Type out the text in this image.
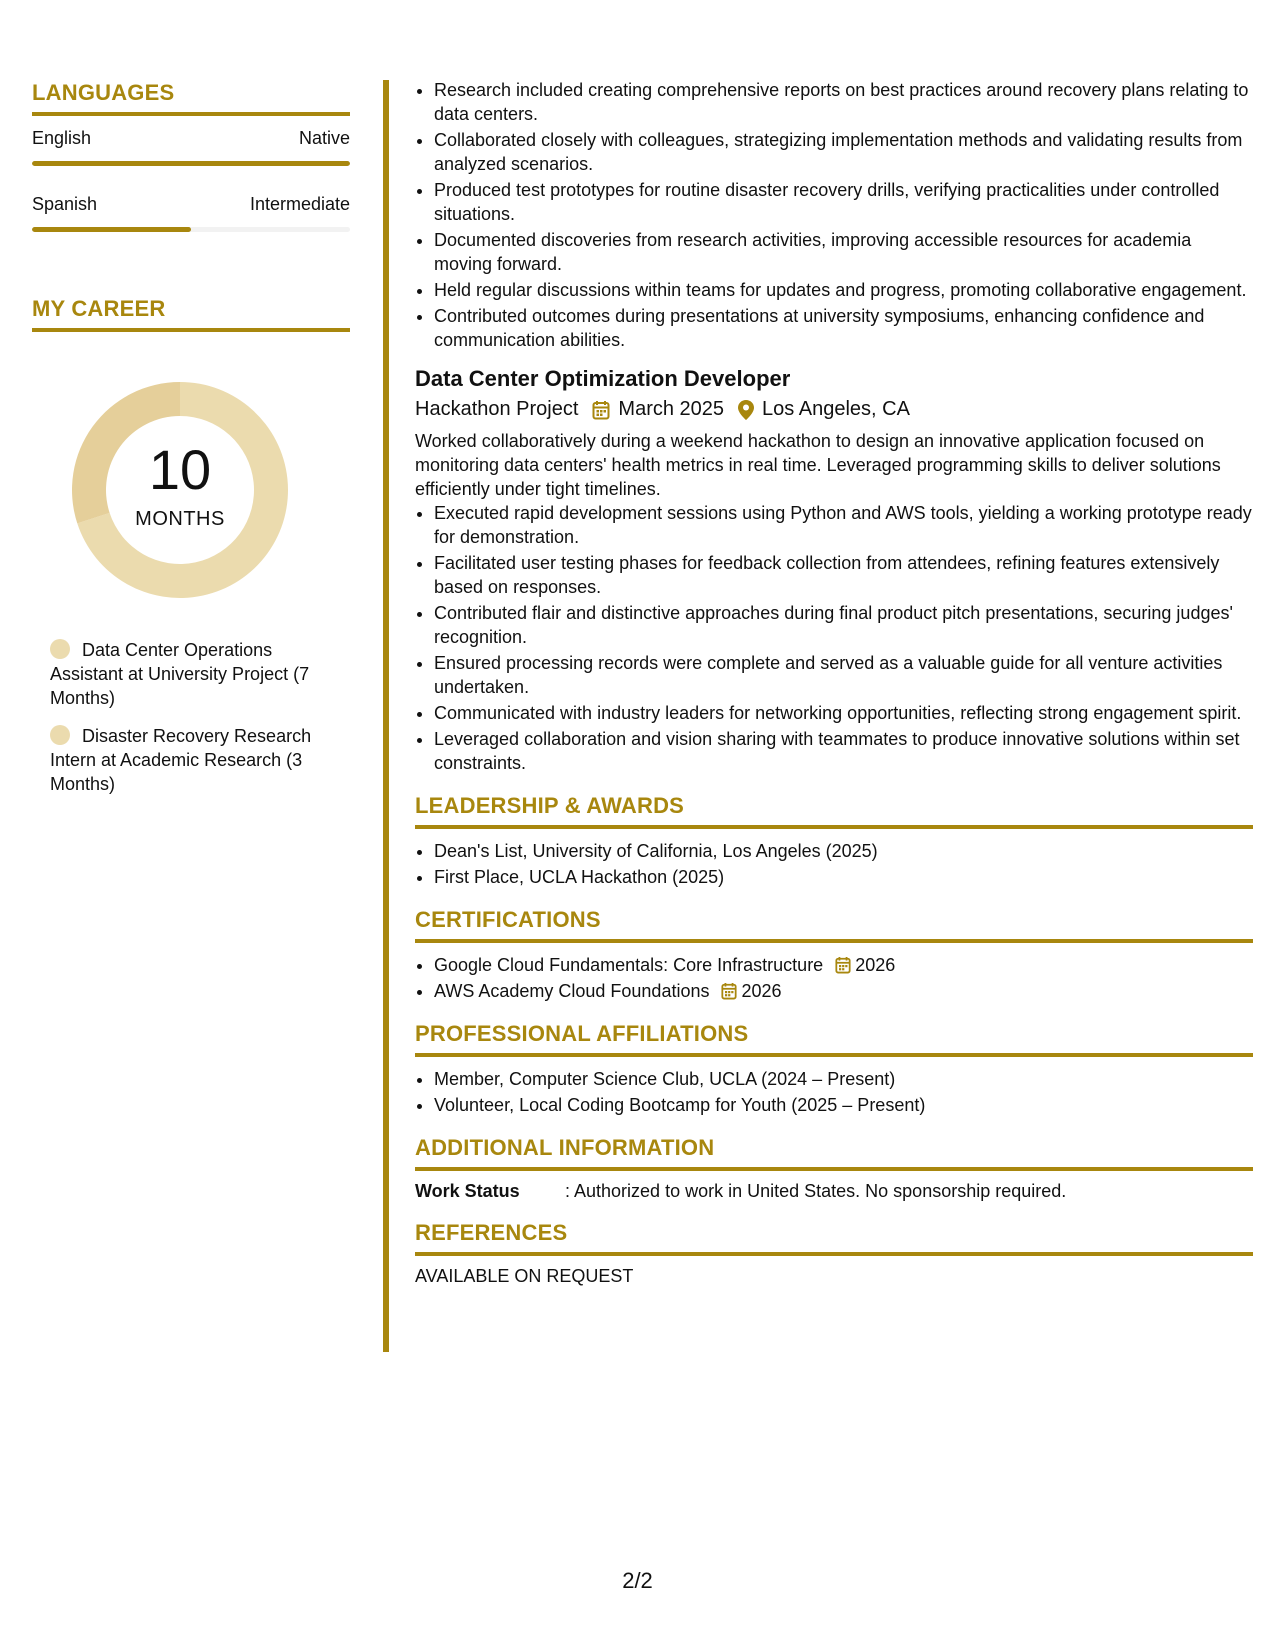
LANGUAGES
English	Native
Spanish	Intermediate
MY CAREER
10
MONTHS
Data Center Operations Assistant at University Project (7 Months)
Disaster Recovery Research Intern at Academic Research (3 Months)
• Research included creating comprehensive reports on best practices around recovery plans relating to data centers.
• Collaborated closely with colleagues, strategizing implementation methods and validating results from analyzed scenarios.
• Produced test prototypes for routine disaster recovery drills, verifying practicalities under controlled situations.
• Documented discoveries from research activities, improving accessible resources for academia moving forward.
• Held regular discussions within teams for updates and progress, promoting collaborative engagement.
• Contributed outcomes during presentations at university symposiums, enhancing confidence and communication abilities.
Data Center Optimization Developer
Hackathon Project March 2025 Los Angeles, CA
Worked collaboratively during a weekend hackathon to design an innovative application focused on monitoring data centers' health metrics in real time. Leveraged programming skills to deliver solutions efficiently under tight timelines.
• Executed rapid development sessions using Python and AWS tools, yielding a working prototype ready for demonstration.
• Facilitated user testing phases for feedback collection from attendees, refining features extensively based on responses.
• Contributed flair and distinctive approaches during final product pitch presentations, securing judges' recognition.
• Ensured processing records were complete and served as a valuable guide for all venture activities undertaken.
• Communicated with industry leaders for networking opportunities, reflecting strong engagement spirit.
• Leveraged collaboration and vision sharing with teammates to produce innovative solutions within set constraints.
LEADERSHIP & AWARDS
• Dean's List, University of California, Los Angeles (2025)
• First Place, UCLA Hackathon (2025)
CERTIFICATIONS
• Google Cloud Fundamentals: Core Infrastructure 2026
• AWS Academy Cloud Foundations 2026
PROFESSIONAL AFFILIATIONS
• Member, Computer Science Club, UCLA (2024 – Present)
• Volunteer, Local Coding Bootcamp for Youth (2025 – Present)
ADDITIONAL INFORMATION
Work Status	: Authorized to work in United States. No sponsorship required.
REFERENCES
AVAILABLE ON REQUEST
2/2
